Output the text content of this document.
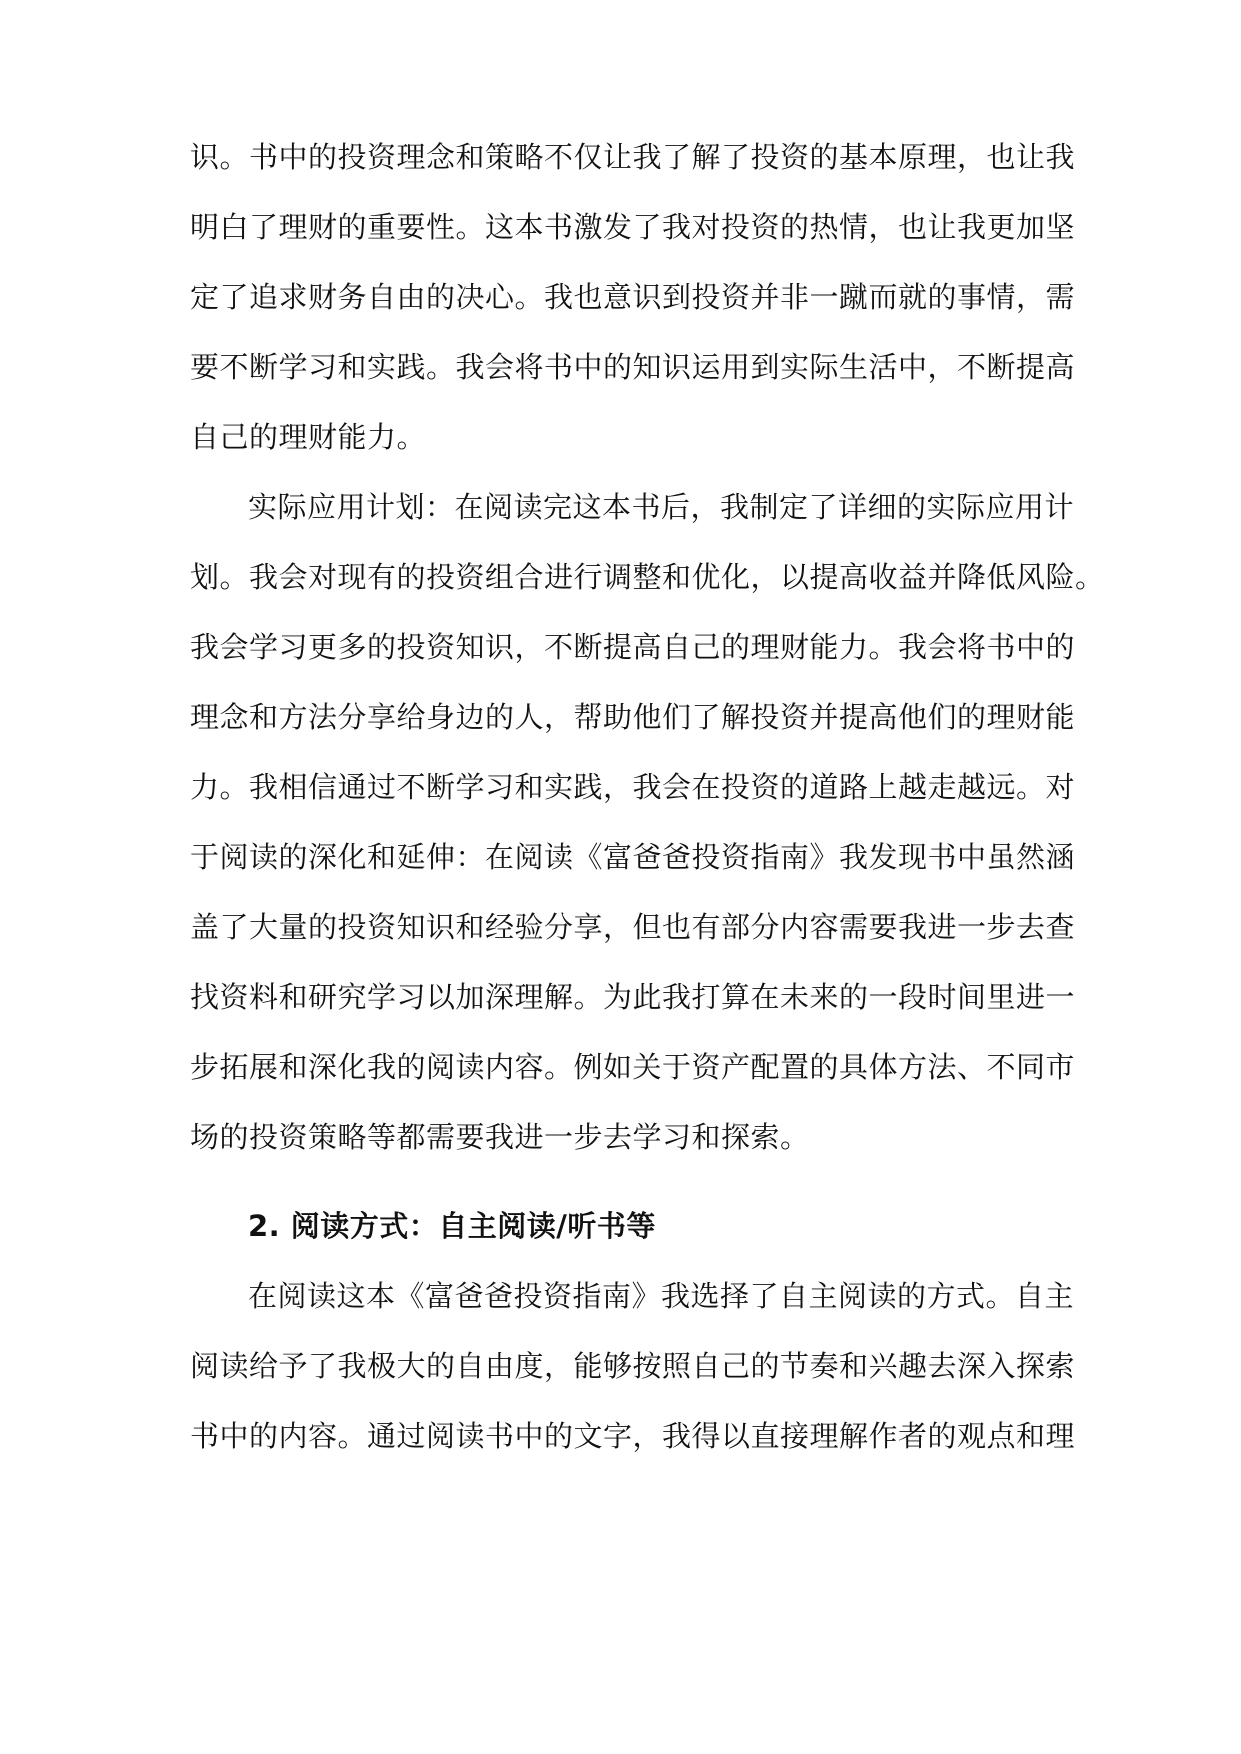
识。书中的投资理念和策略不仅让我了解了投资的基本原理，也让我
明白了理财的重要性。这本书激发了我对投资的热情，也让我更加坚
定了追求财务自由的决心。我也意识到投资并非一蹴而就的事情，需
要不断学习和实践。我会将书中的知识运用到实际生活中，不断提高
自己的理财能力。
实际应用计划：在阅读完这本书后，我制定了详细的实际应用计
划。我会对现有的投资组合进行调整和优化，以提高收益并降低风险。
我会学习更多的投资知识，不断提高自己的理财能力。我会将书中的
理念和方法分享给身边的人，帮助他们了解投资并提高他们的理财能
力。我相信通过不断学习和实践，我会在投资的道路上越走越远。对
于阅读的深化和延伸：在阅读《富爸爸投资指南》我发现书中虽然涵
盖了大量的投资知识和经验分享，但也有部分内容需要我进一步去查
找资料和研究学习以加深理解。为此我打算在未来的一段时间里进一
步拓展和深化我的阅读内容。例如关于资产配置的具体方法、不同市
场的投资策略等都需要我进一步去学习和探索。
2. 阅读方式：自主阅读/听书等
在阅读这本《富爸爸投资指南》我选择了自主阅读的方式。自主
阅读给予了我极大的自由度，能够按照自己的节奏和兴趣去深入探索
书中的内容。通过阅读书中的文字，我得以直接理解作者的观点和理
